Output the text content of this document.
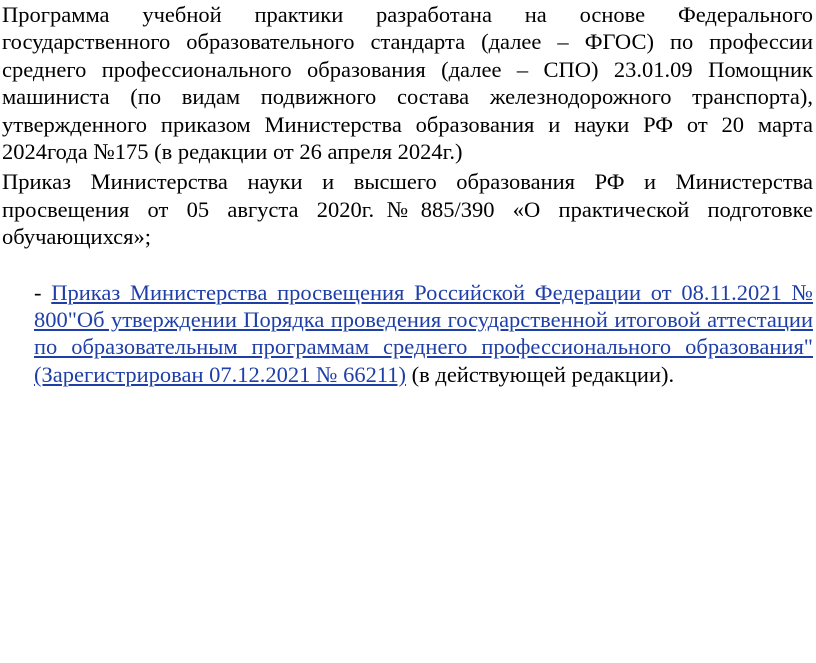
Программа учебной практики разработана на основе Федерального государственного образовательного стандарта (далее – ФГОС) по профессии среднего профессионального образования (далее – СПО) 23.01.09 Помощник машиниста (по видам подвижного состава железнодорожного транспорта), утвержденного приказом Министерства образования и науки РФ от 20 марта 2024года №175 (в редакции от 26 апреля 2024г.)

Приказ Министерства науки и высшего образования РФ и Министерства просвещения от 05 августа 2020г.№885/390 «О практической подготовке обучающихся»;

- Приказ Министерства просвещения Российской Федерации от 08.11.2021 № 800"Об утверждении Порядка проведения государственной итоговой аттестации по образовательным программам среднего профессионального образования" (Зарегистрирован 07.12.2021 № 66211) (в действующей редакции).
